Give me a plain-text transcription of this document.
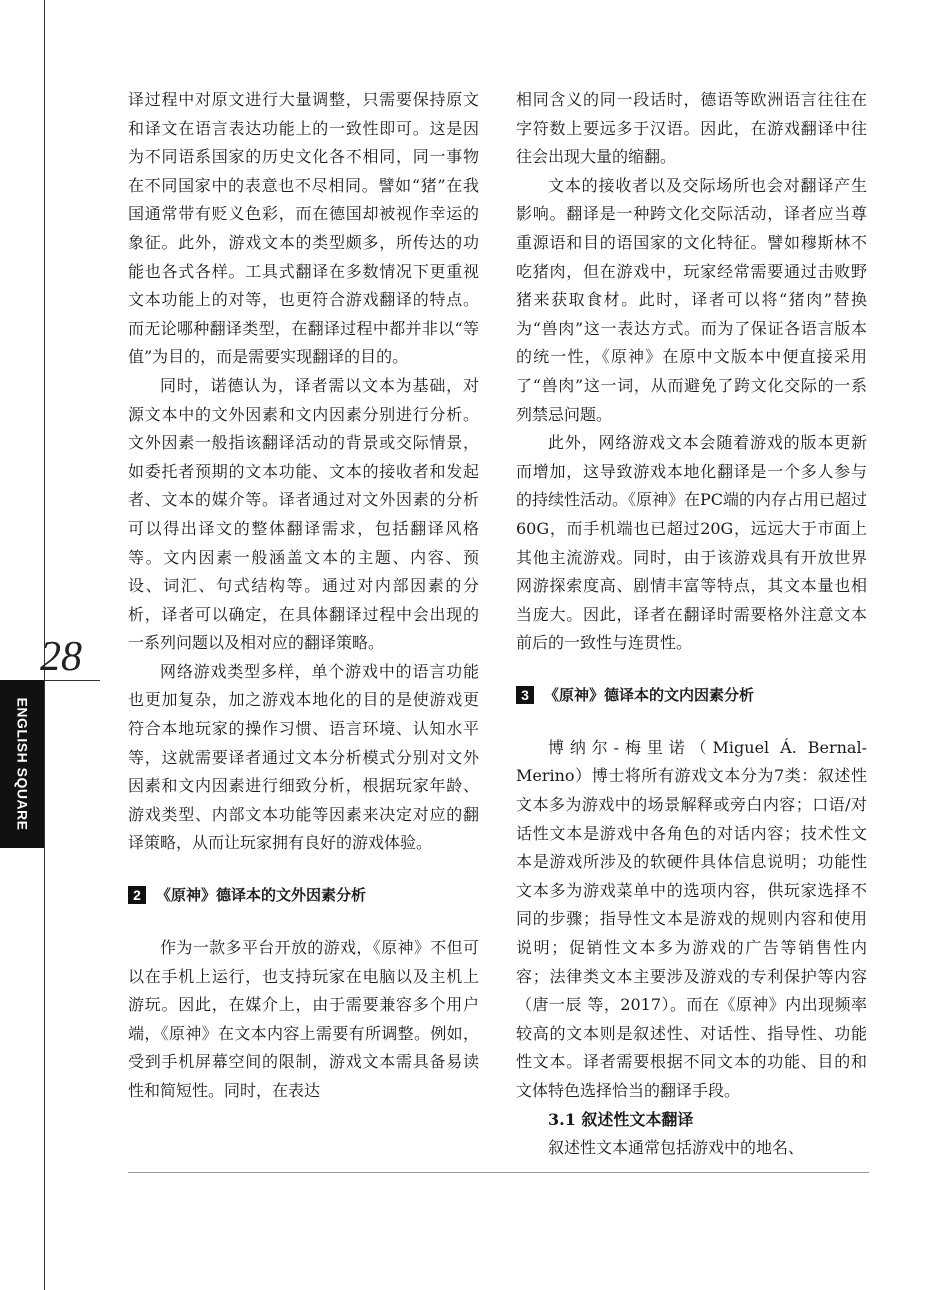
28
ENGLISH SQUARE

译过程中对原文进行大量调整，只需要保持原文和译文在语言表达功能上的一致性即可。这是因为不同语系国家的历史文化各不相同，同一事物在不同国家中的表意也不尽相同。譬如“猪”在我国通常带有贬义色彩，而在德国却被视作幸运的象征。此外，游戏文本的类型颇多，所传达的功能也各式各样。工具式翻译在多数情况下更重视文本功能上的对等，也更符合游戏翻译的特点。而无论哪种翻译类型，在翻译过程中都并非以“等值”为目的，而是需要实现翻译的目的。

同时，诺德认为，译者需以文本为基础，对源文本中的文外因素和文内因素分别进行分析。文外因素一般指该翻译活动的背景或交际情景，如委托者预期的文本功能、文本的接收者和发起者、文本的媒介等。译者通过对文外因素的分析可以得出译文的整体翻译需求，包括翻译风格等。文内因素一般涵盖文本的主题、内容、预设、词汇、句式结构等。通过对内部因素的分析，译者可以确定，在具体翻译过程中会出现的一系列问题以及相对应的翻译策略。

网络游戏类型多样，单个游戏中的语言功能也更加复杂，加之游戏本地化的目的是使游戏更符合本地玩家的操作习惯、语言环境、认知水平等，这就需要译者通过文本分析模式分别对文外因素和文内因素进行细致分析，根据玩家年龄、游戏类型、内部文本功能等因素来决定对应的翻译策略，从而让玩家拥有良好的游戏体验。

2	《原神》德译本的文外因素分析

作为一款多平台开放的游戏，《原神》不但可以在手机上运行，也支持玩家在电脑以及主机上游玩。因此，在媒介上，由于需要兼容多个用户端，《原神》在文本内容上需要有所调整。例如，受到手机屏幕空间的限制，游戏文本需具备易读性和简短性。同时，在表达

相同含义的同一段话时，德语等欧洲语言往往在字符数上要远多于汉语。因此，在游戏翻译中往往会出现大量的缩翻。

文本的接收者以及交际场所也会对翻译产生影响。翻译是一种跨文化交际活动，译者应当尊重源语和目的语国家的文化特征。譬如穆斯林不吃猪肉，但在游戏中，玩家经常需要通过击败野猪来获取食材。此时，译者可以将“猪肉”替换为“兽肉”这一表达方式。而为了保证各语言版本的统一性，《原神》在原中文版本中便直接采用了“兽肉”这一词，从而避免了跨文化交际的一系列禁忌问题。

此外，网络游戏文本会随着游戏的版本更新而增加，这导致游戏本地化翻译是一个多人参与的持续性活动。《原神》在PC端的内存占用已超过60G，而手机端也已超过20G，远远大于市面上其他主流游戏。同时，由于该游戏具有开放世界网游探索度高、剧情丰富等特点，其文本量也相当庞大。因此，译者在翻译时需要格外注意文本前后的一致性与连贯性。

3	《原神》德译本的文内因素分析

博纳尔-梅里诺（Miguel Á. Bernal-Merino）博士将所有游戏文本分为7类：叙述性文本多为游戏中的场景解释或旁白内容；口语/对话性文本是游戏中各角色的对话内容；技术性文本是游戏所涉及的软硬件具体信息说明；功能性文本多为游戏菜单中的选项内容，供玩家选择不同的步骤；指导性文本是游戏的规则内容和使用说明；促销性文本多为游戏的广告等销售性内容；法律类文本主要涉及游戏的专利保护等内容（唐一辰 等，2017）。而在《原神》内出现频率较高的文本则是叙述性、对话性、指导性、功能性文本。译者需要根据不同文本的功能、目的和文体特色选择恰当的翻译手段。

3.1 叙述性文本翻译

叙述性文本通常包括游戏中的地名、
